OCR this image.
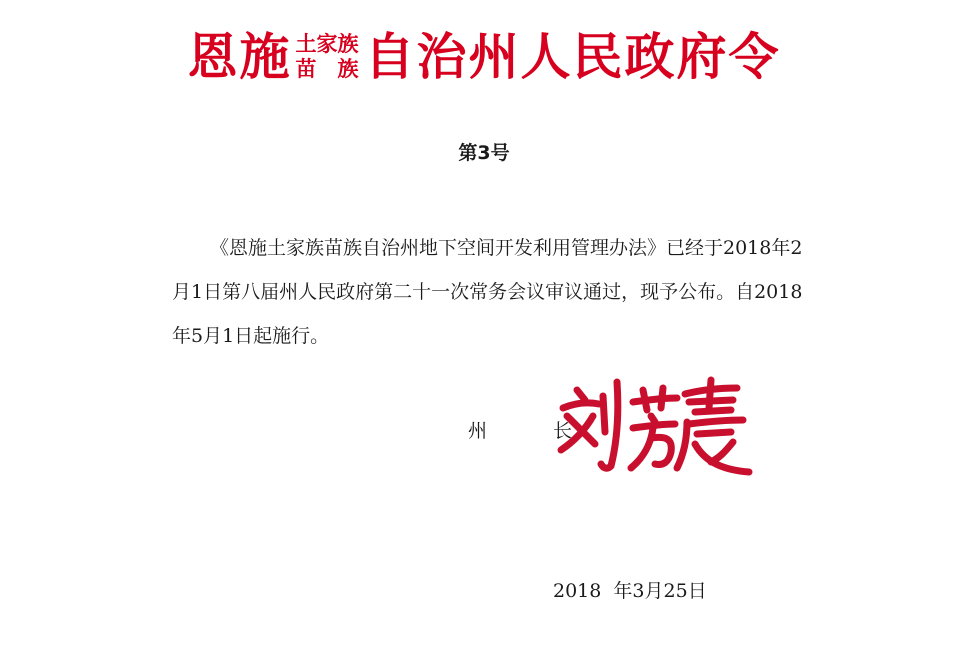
恩施 土家族
苗 族 自治州人民政府令
第3号
《恩施土家族苗族自治州地下空间开发利用管理办法》已经于2018年2月1日第八届州人民政府第二十一次常务会议审议通过，现予公布。自2018年5月1日起施行。
州 长
2018  年3月25日
